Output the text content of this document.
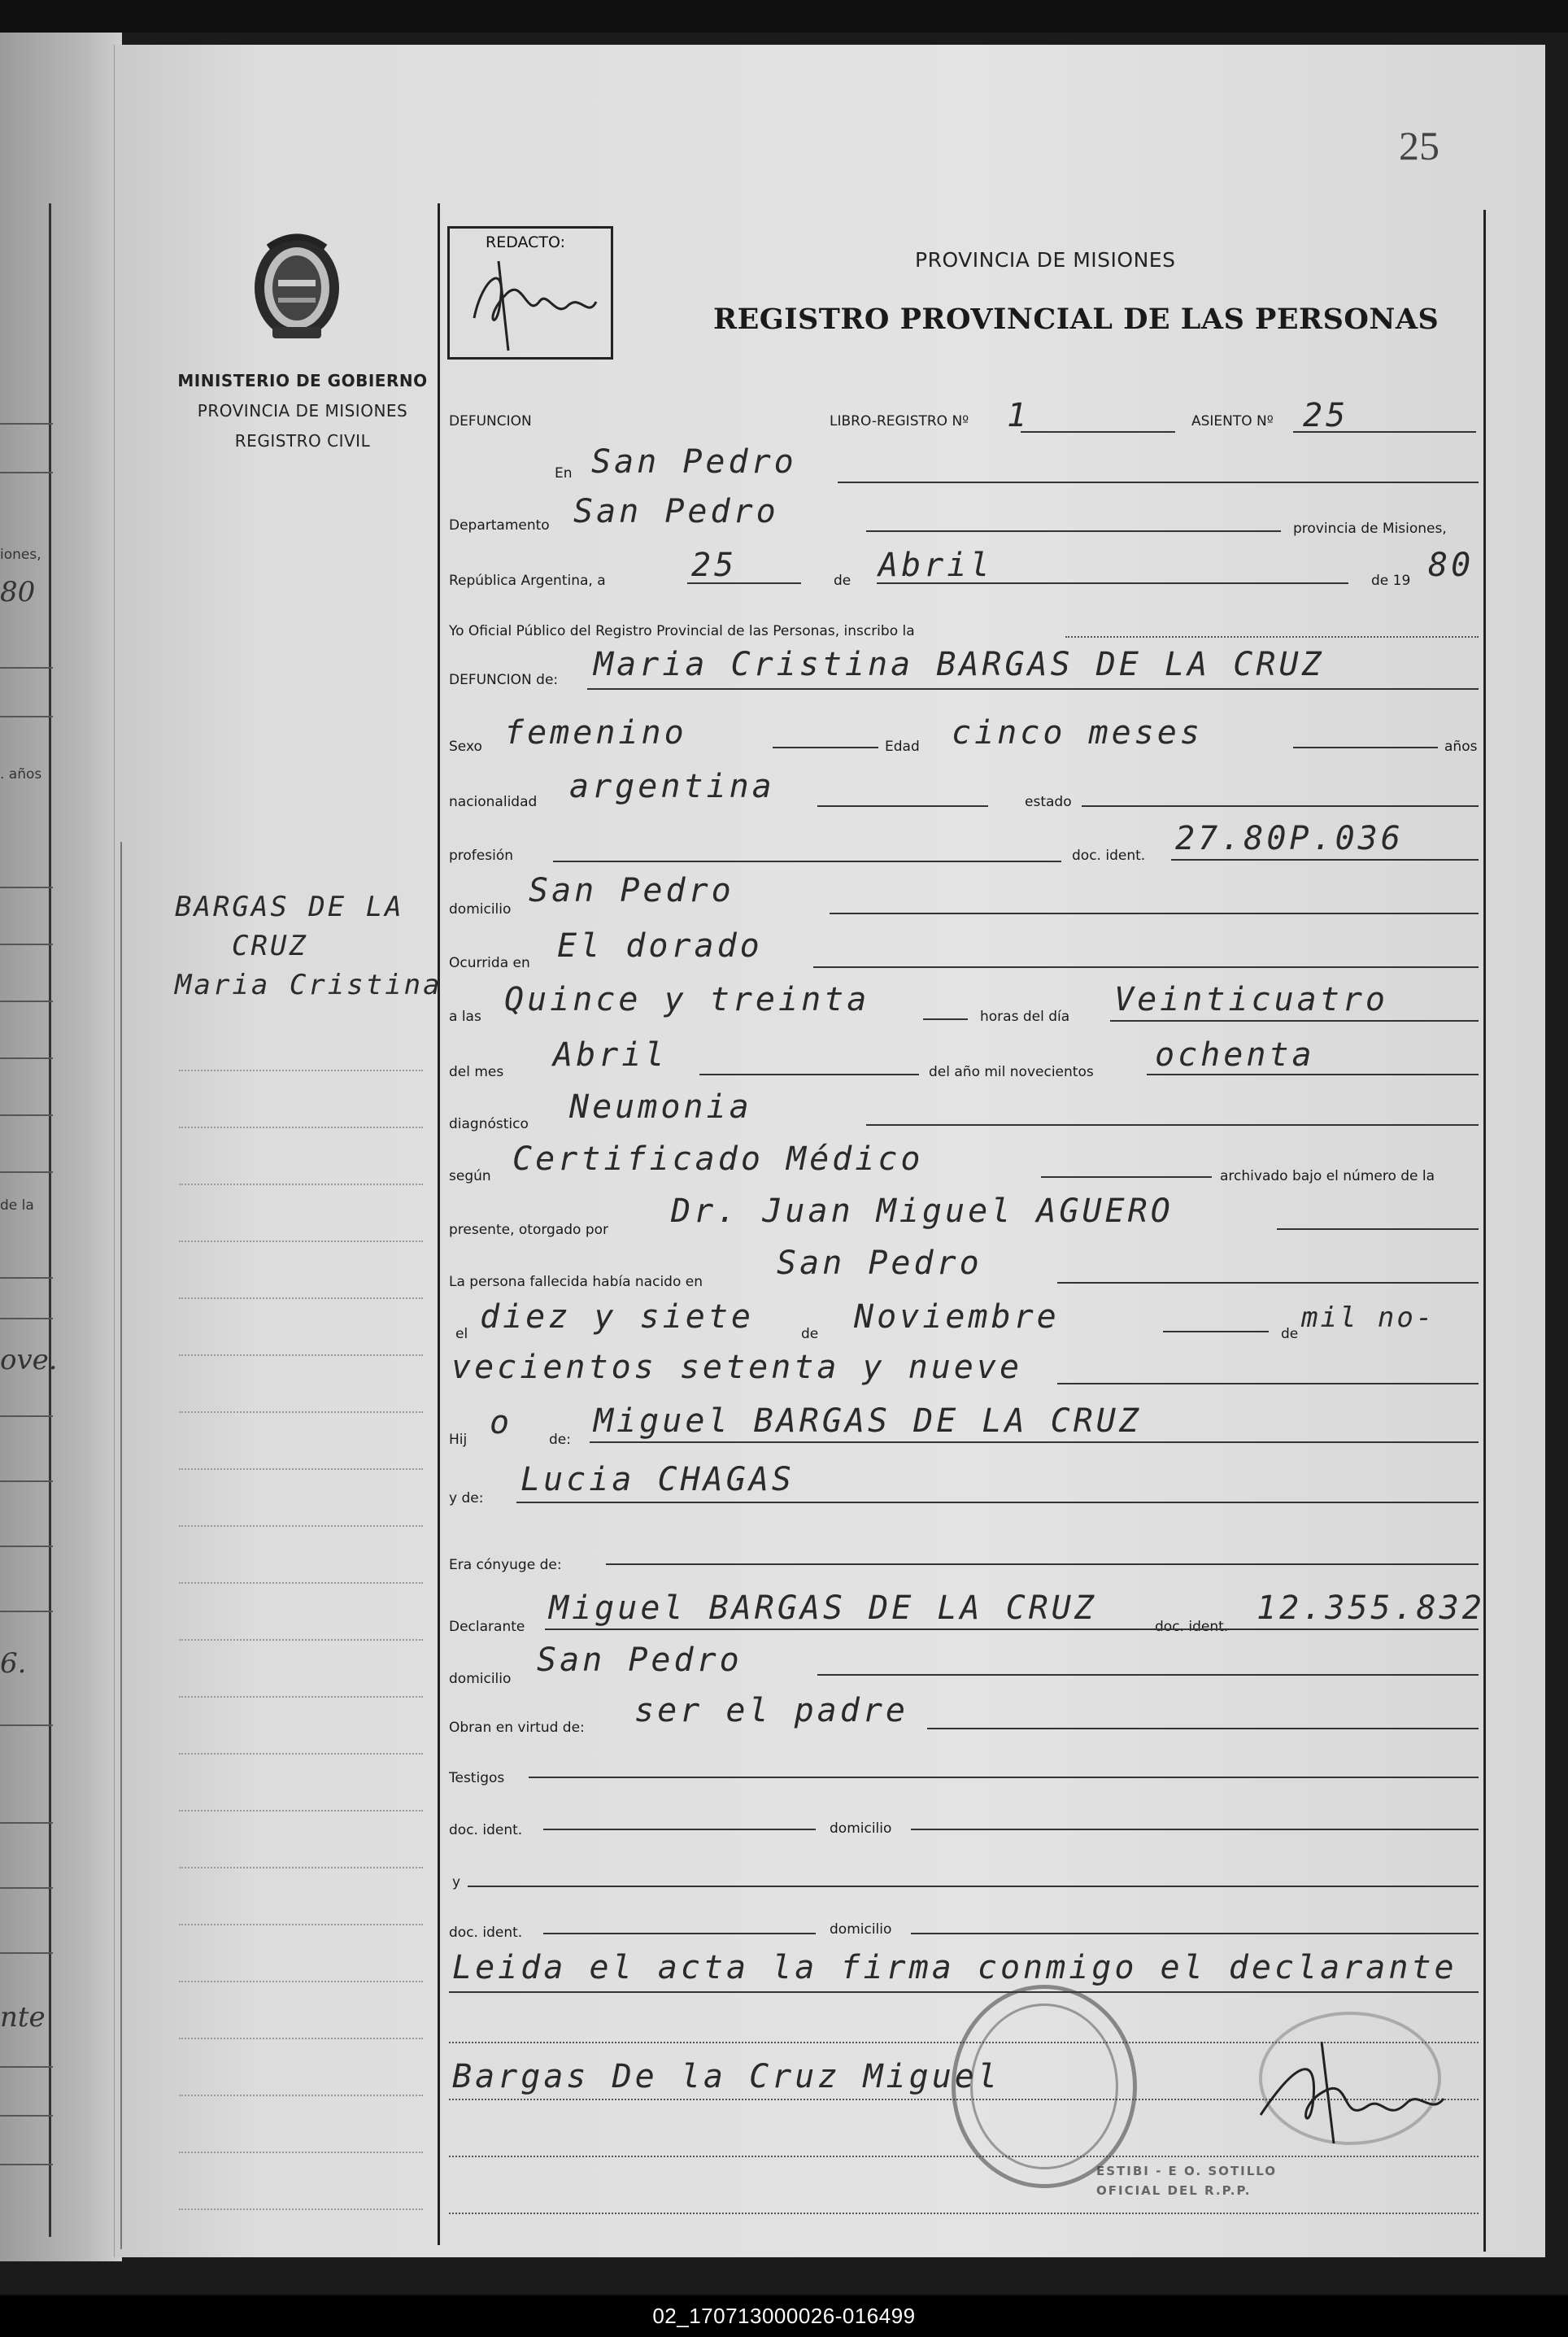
iones,
80
. años
de la
ove.
6.
nte
25
MINISTERIO DE GOBIERNO
PROVINCIA DE MISIONES
REGISTRO CIVIL
REDACTO:
PROVINCIA DE MISIONES
REGISTRO PROVINCIAL DE LAS PERSONAS
DEFUNCION	LIBRO-REGISTRO Nº 1	ASIENTO Nº 25
En San Pedro
Departamento San Pedro	provincia de Misiones,
República Argentina, a	25	de Abril	de 19 80
Yo Oficial Público del Registro Provincial de las Personas, inscribo la
DEFUNCION de: Maria Cristina BARGAS DE LA CRUZ
Sexo femenino	Edad cinco meses	años
nacionalidad argentina	estado
profesión	doc. ident. 27.80P.036
domicilio San Pedro
Ocurrida en El dorado
a las Quince y treinta	horas del día Veinticuatro
del mes Abril	del año mil novecientos ochenta
diagnóstico Neumonia
según Certificado Médico	archivado bajo el número de la
presente, otorgado por Dr. Juan Miguel AGUERO
La persona fallecida había nacido en San Pedro
el diez y siete	de Noviembre	de mil no-
vecientos setenta y nueve
Hij o	de: Miguel BARGAS DE LA CRUZ
y de: Lucia CHAGAS
Era cónyuge de:
Declarante Miguel BARGAS DE LA CRUZ	doc. ident. 12.355.832
domicilio San Pedro
Obran en virtud de: ser el padre
Testigos
doc. ident.	domicilio
y
doc. ident.	domicilio
Leida el acta la firma conmigo el declarante
Bargas De la Cruz Miguel
ESTIBI - E O. SOTILLO
OFICIAL DEL R.P.P.
BARGAS DE LA
CRUZ
Maria Cristina
02_170713000026-016499
